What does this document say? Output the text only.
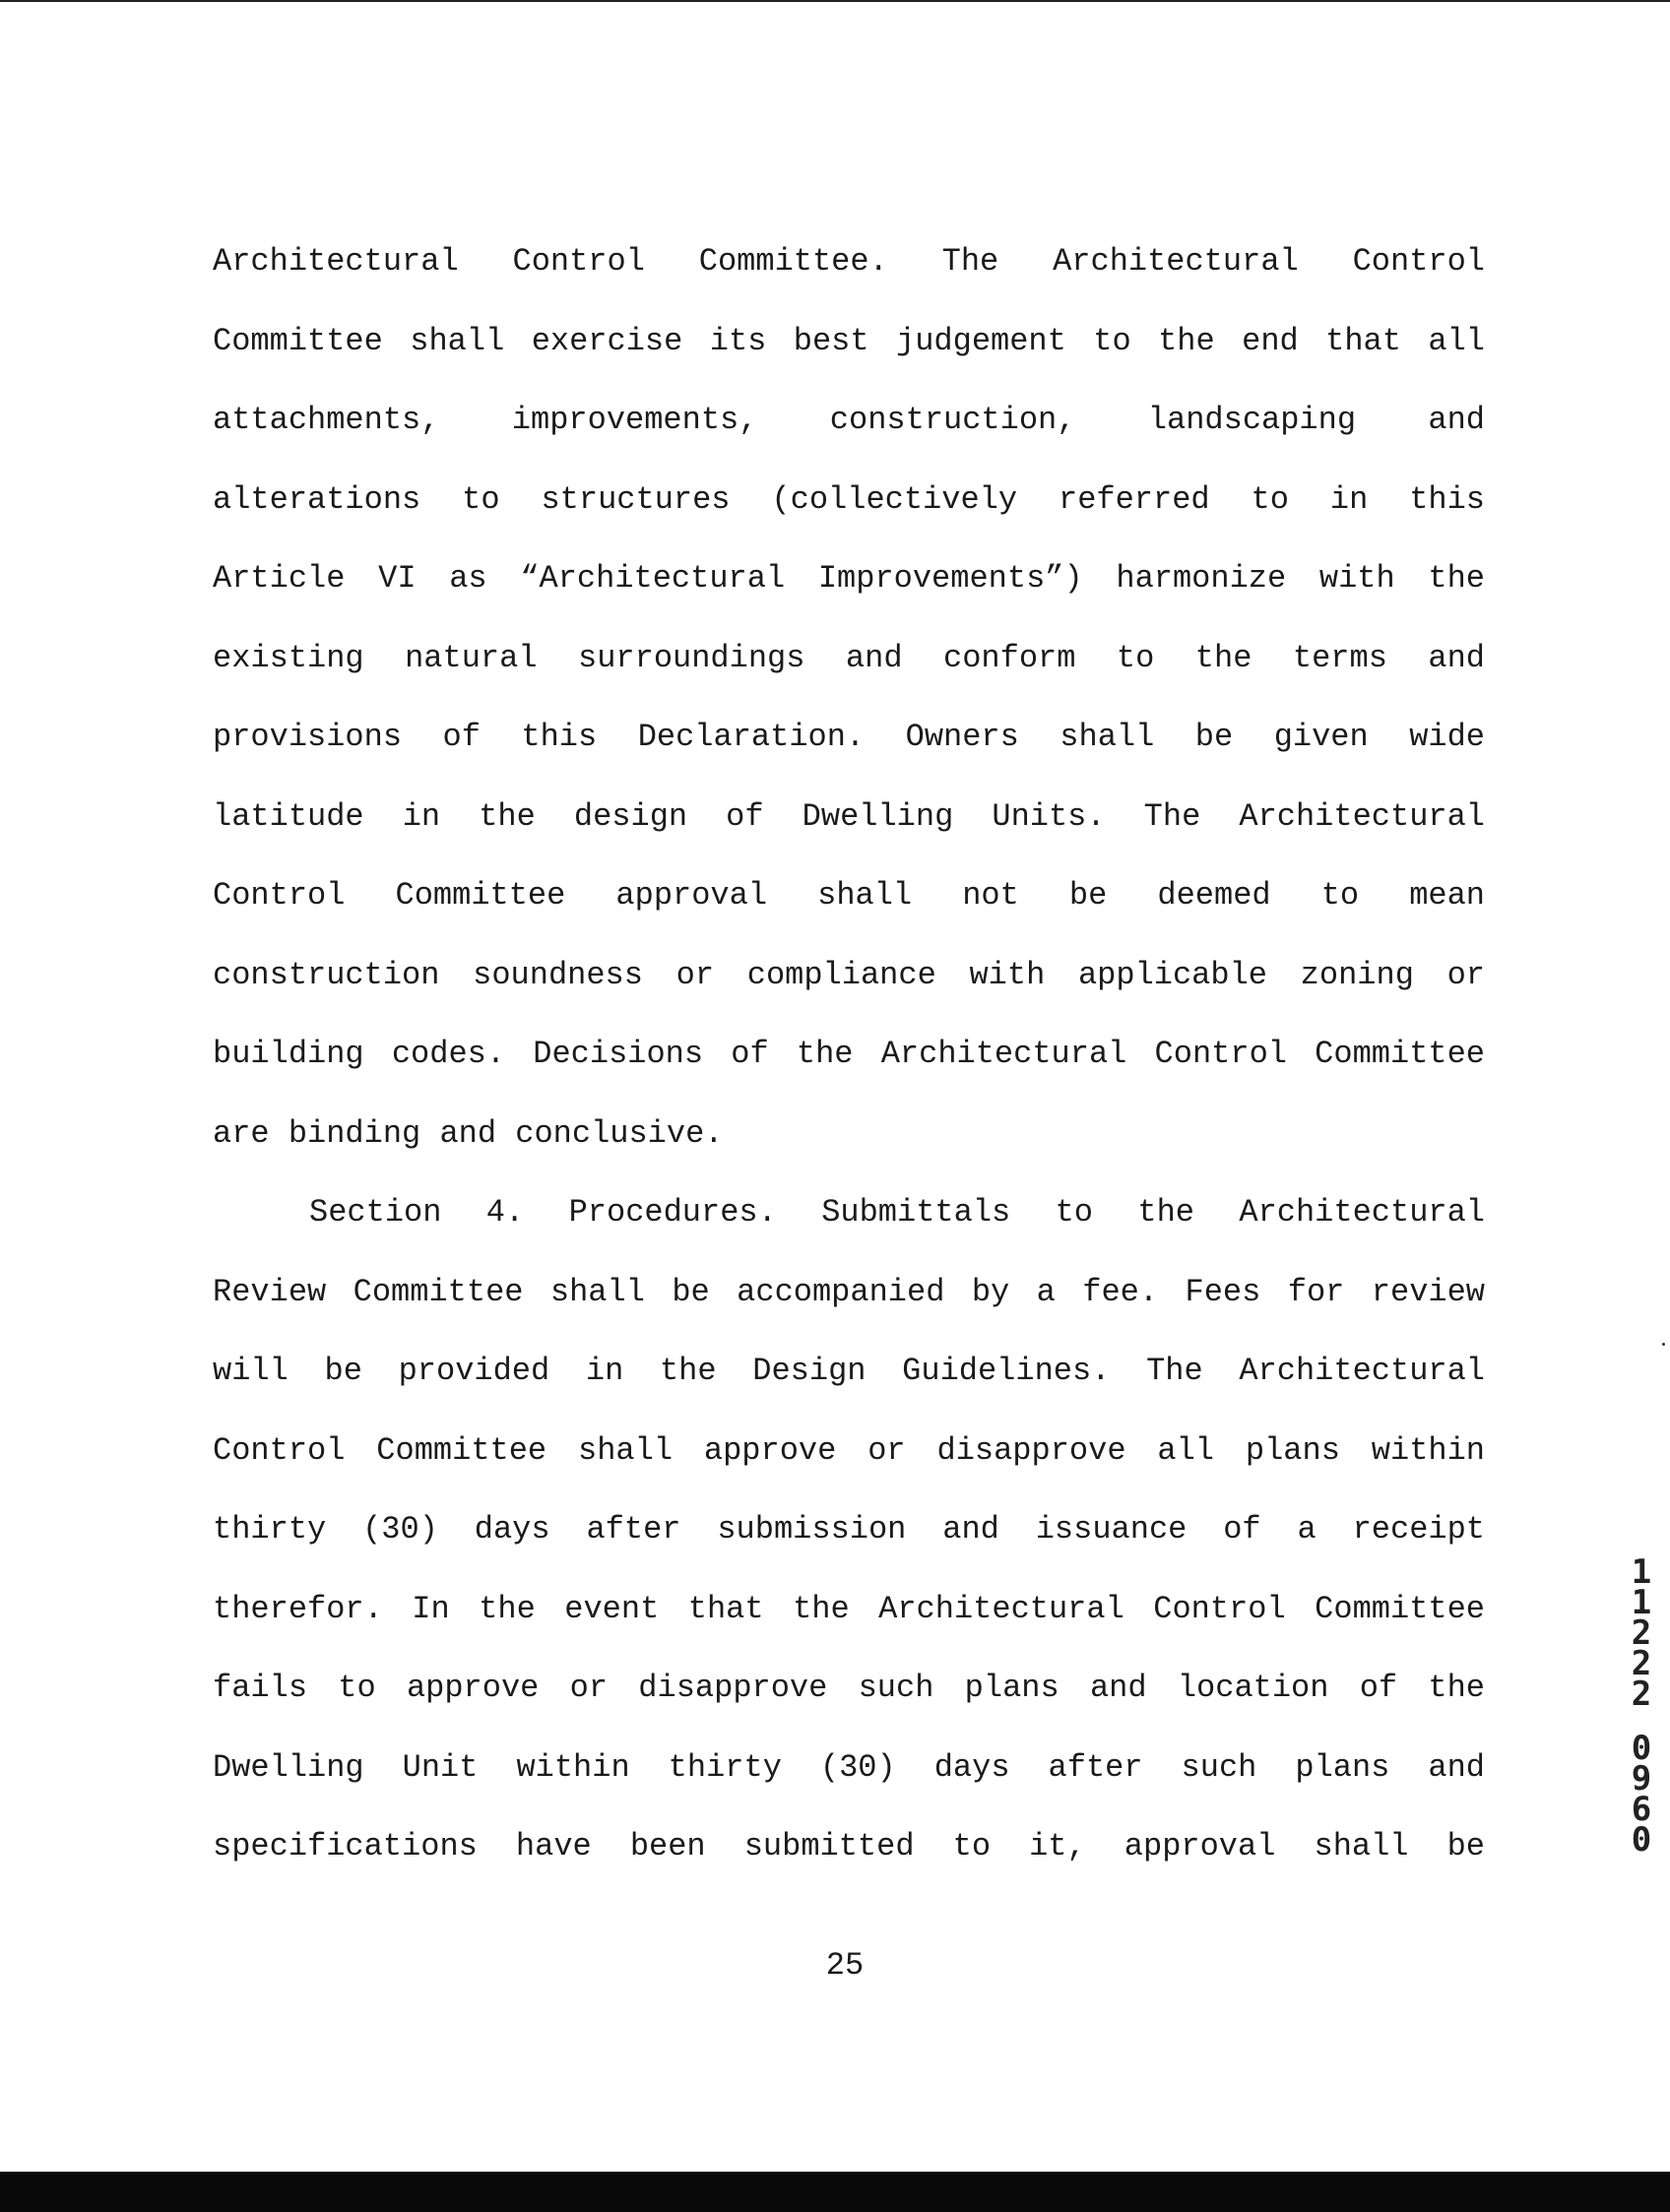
Architectural Control Committee. The Architectural Control
Committee shall exercise its best judgement to the end that all
attachments, improvements, construction, landscaping and
alterations to structures (collectively referred to in this
Article VI as “Architectural Improvements”) harmonize with the
existing natural surroundings and conform to the terms and
provisions of this Declaration. Owners shall be given wide
latitude in the design of Dwelling Units. The Architectural
Control Committee approval shall not be deemed to mean
construction soundness or compliance with applicable zoning or
building codes. Decisions of the Architectural Control Committee
are binding and conclusive.
Section 4. Procedures. Submittals to the Architectural
Review Committee shall be accompanied by a fee. Fees for review
will be provided in the Design Guidelines. The Architectural
Control Committee shall approve or disapprove all plans within
thirty (30) days after submission and issuance of a receipt
therefor. In the event that the Architectural Control Committee
fails to approve or disapprove such plans and location of the
Dwelling Unit within thirty (30) days after such plans and
specifications have been submitted to it, approval shall be
25
1
1
2
2
2
0
9
6
0
